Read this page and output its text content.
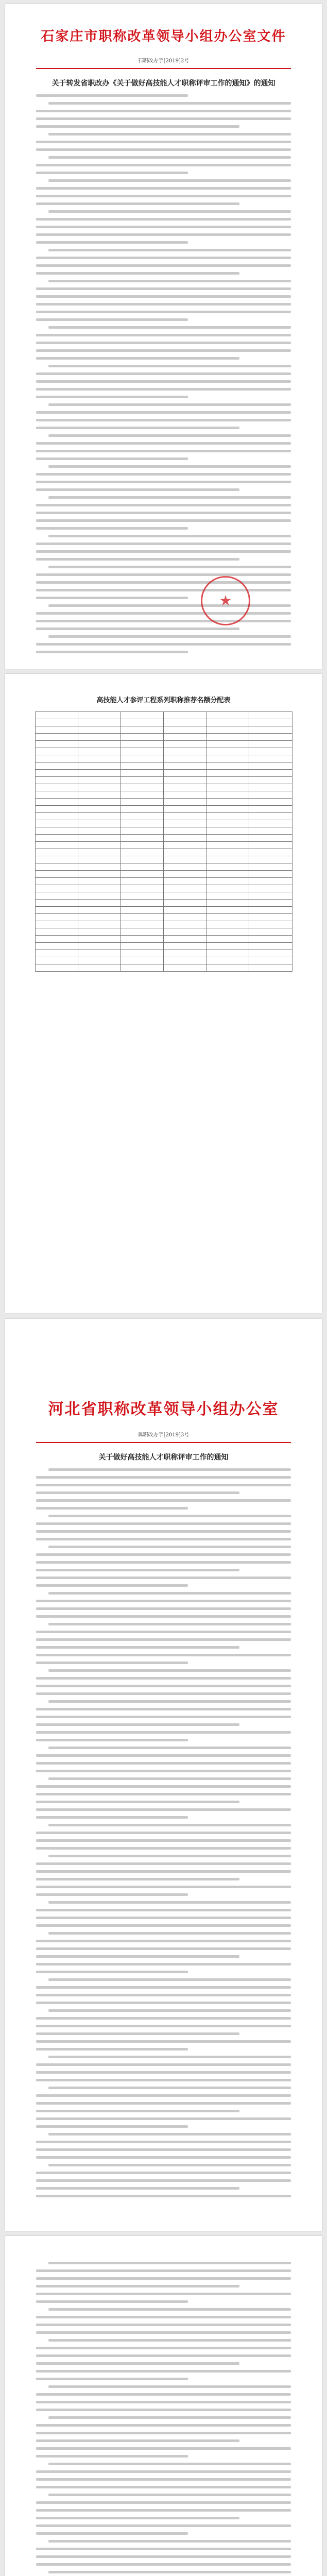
石家庄市职称改革领导小组办公室文件
石职改办字[2019]2号
关于转发省职改办《关于做好高技能人才职称评审工作的通知》的通知
高技能人才参评工程系列职称推荐名额分配表

河北省职称改革领导小组办公室
冀职改办字[2019]3号
关于做好高技能人才职称评审工作的通知
